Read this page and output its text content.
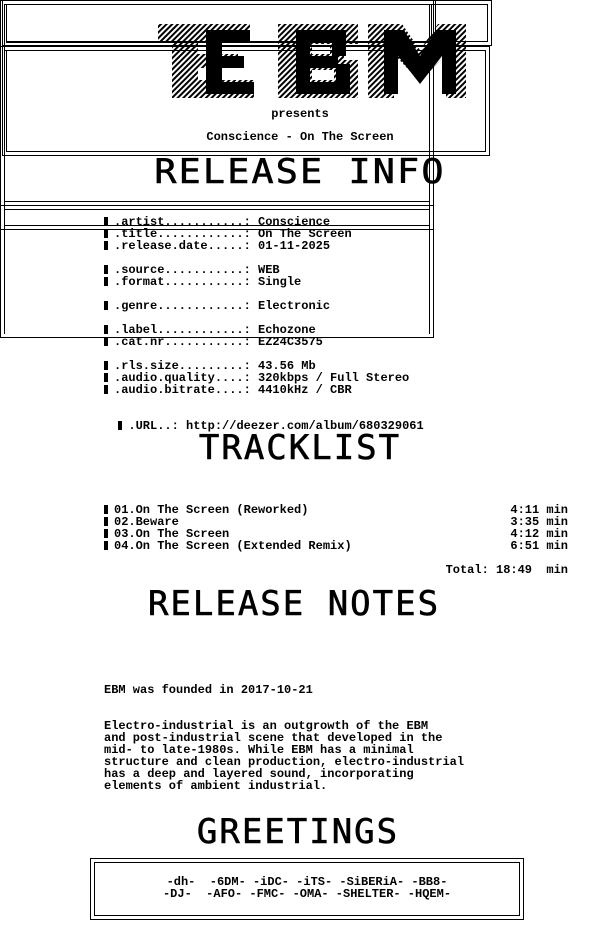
presents
Conscience - On The Screen
RELEASE INFO
.artist...........: Conscience
.title............: On The Screen
.release.date.....: 01-11-2025
.source...........: WEB
.format...........: Single
.genre............: Electronic
.label............: Echozone
.cat.nr...........: EZ24C3575
.rls.size.........: 43.56 Mb
.audio.quality....: 320kbps / Full Stereo
.audio.bitrate....: 4410kHz / CBR

.URL..: http://deezer.com/album/680329061

TRACKLIST
01.On The Screen (Reworked)	4:11 min
02.Beware	3:35 min
03.On The Screen	4:12 min
04.On The Screen (Extended Remix)	6:51 min
Total: 18:49  min
RELEASE NOTES
EBM was founded in 2017-10-21
Electro-industrial is an outgrowth of the EBM
and post-industrial scene that developed in the
mid- to late-1980s. While EBM has a minimal
structure and clean production, electro-industrial
has a deep and layered sound, incorporating
elements of ambient industrial.
GREETINGS
-dh-  -6DM- -iDC- -iTS- -SiBERiA- -BB8-
-DJ-  -AFO- -FMC- -OMA- -SHELTER- -HQEM-
